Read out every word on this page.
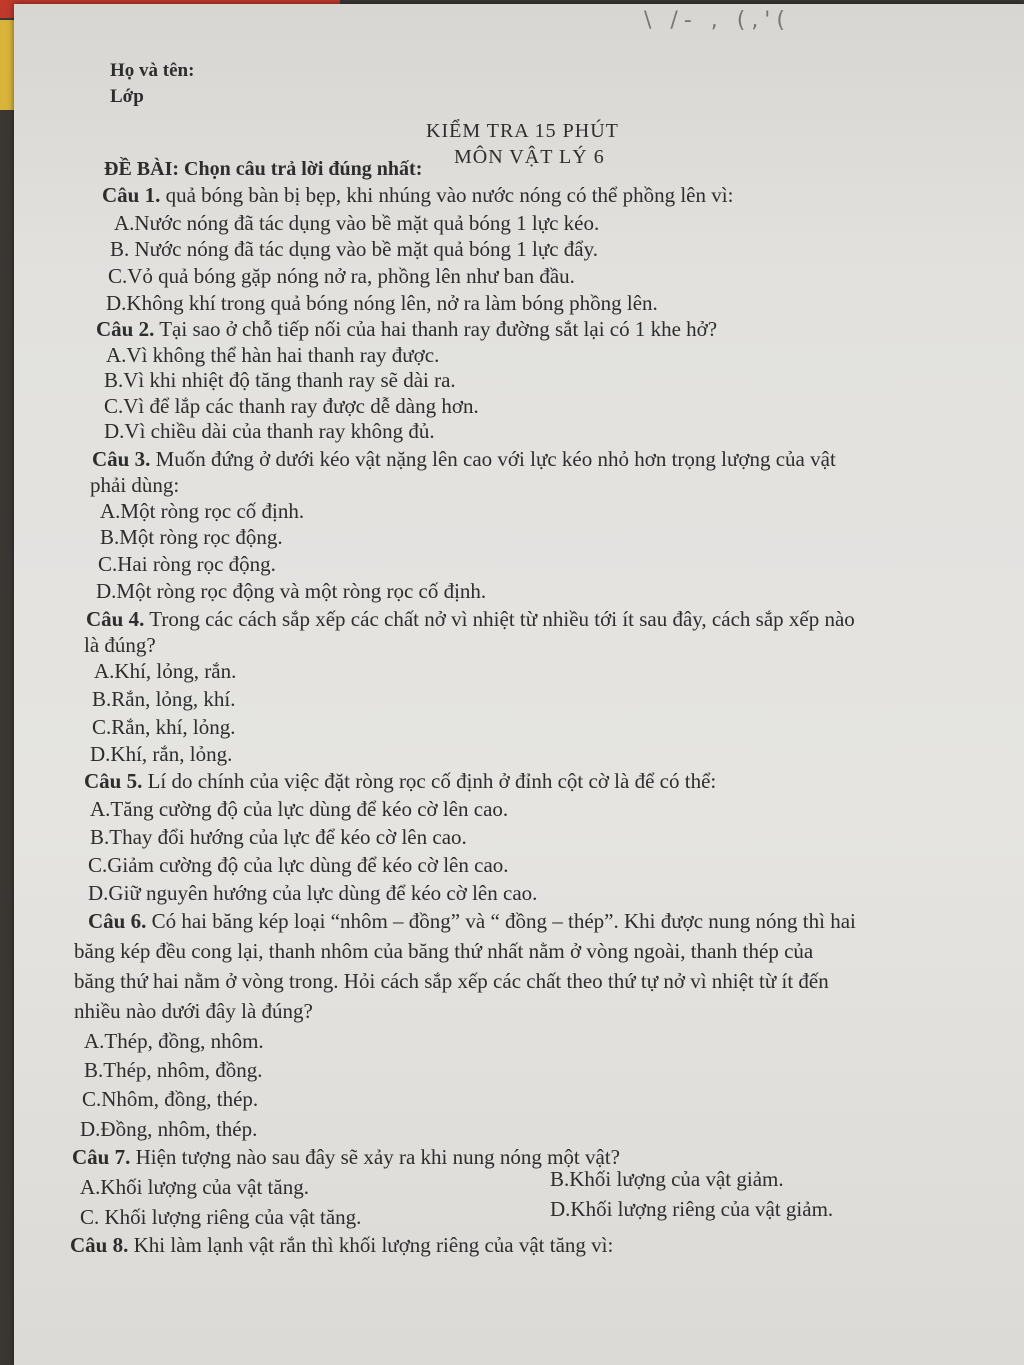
\ /- , (,'(
Họ và tên:
Lớp
KIỂM TRA 15 PHÚT
MÔN VẬT LÝ 6
ĐỀ BÀI: Chọn câu trả lời đúng nhất:
Câu 1. quả bóng bàn bị bẹp, khi nhúng vào nước nóng có thể phồng lên vì:
A.Nước nóng đã tác dụng vào bề mặt quả bóng 1 lực kéo.
B. Nước nóng đã tác dụng vào bề mặt quả bóng 1 lực đẩy.
C.Vỏ quả bóng gặp nóng nở ra, phồng lên như ban đầu.
D.Không khí trong quả bóng nóng lên, nở ra làm bóng phồng lên.
Câu 2. Tại sao ở chỗ tiếp nối của hai thanh ray đường sắt lại có 1 khe hở?
A.Vì không thể hàn hai thanh ray được.
B.Vì khi nhiệt độ tăng thanh ray sẽ dài ra.
C.Vì để lắp các thanh ray được dễ dàng hơn.
D.Vì chiều dài của thanh ray không đủ.
Câu 3. Muốn đứng ở dưới kéo vật nặng lên cao với lực kéo nhỏ hơn trọng lượng của vật
phải dùng:
A.Một ròng rọc cố định.
B.Một ròng rọc động.
C.Hai ròng rọc động.
D.Một ròng rọc động và một ròng rọc cố định.
Câu 4. Trong các cách sắp xếp các chất nở vì nhiệt từ nhiều tới ít sau đây, cách sắp xếp nào
là đúng?
A.Khí, lỏng, rắn.
B.Rắn, lỏng, khí.
C.Rắn, khí, lỏng.
D.Khí, rắn, lỏng.
Câu 5. Lí do chính của việc đặt ròng rọc cố định ở đỉnh cột cờ là để có thể:
A.Tăng cường độ của lực dùng để kéo cờ lên cao.
B.Thay đổi hướng của lực để kéo cờ lên cao.
C.Giảm cường độ của lực dùng để kéo cờ lên cao.
D.Giữ nguyên hướng của lực dùng để kéo cờ lên cao.
Câu 6. Có hai băng kép loại “nhôm – đồng” và “ đồng – thép”. Khi được nung nóng thì hai
băng kép đều cong lại, thanh nhôm của băng thứ nhất nằm ở vòng ngoài, thanh thép của
băng thứ hai nằm ở vòng trong. Hỏi cách sắp xếp các chất theo thứ tự nở vì nhiệt từ ít đến
nhiều nào dưới đây là đúng?
A.Thép, đồng, nhôm.
B.Thép, nhôm, đồng.
C.Nhôm, đồng, thép.
D.Đồng, nhôm, thép.
Câu 7. Hiện tượng nào sau đây sẽ xảy ra khi nung nóng một vật?
A.Khối lượng của vật tăng.	B.Khối lượng của vật giảm.
C. Khối lượng riêng của vật tăng.	D.Khối lượng riêng của vật giảm.
Câu 8. Khi làm lạnh vật rắn thì khối lượng riêng của vật tăng vì:
